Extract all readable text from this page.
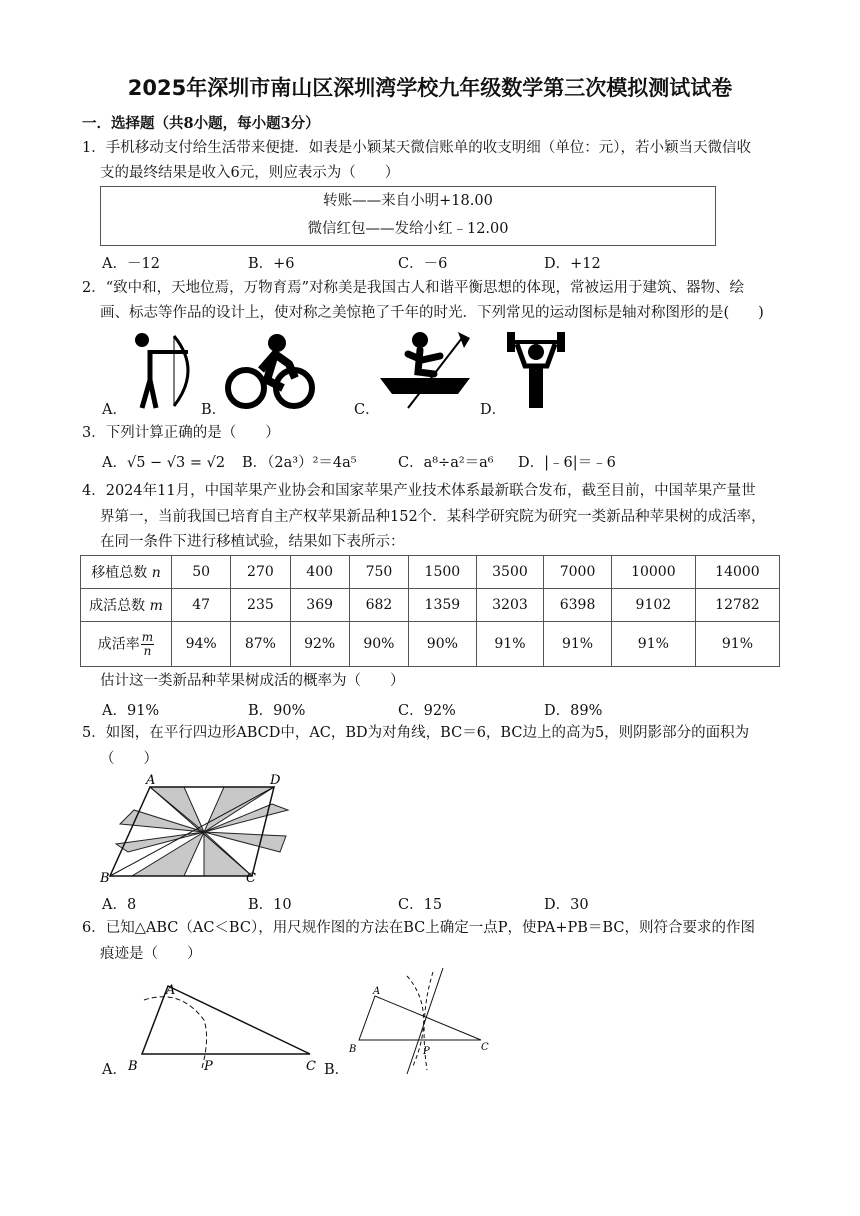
2025年深圳市南山区深圳湾学校九年级数学第三次模拟测试试卷
一．选择题（共8小题，每小题3分）
1．手机移动支付给生活带来便捷．如表是小颖某天微信账单的收支明细（单位：元），若小颖当天微信收
支的最终结果是收入6元，则应表示为（　　）
转账——来自小明+18.00
微信红包——发给小红﹣12.00
A．－12	B．+6	C．－6	D．+12
2．“致中和，天地位焉，万物育焉”对称美是我国古人和谐平衡思想的体现，常被运用于建筑、器物、绘
画、标志等作品的设计上，使对称之美惊艳了千年的时光．下列常见的运动图标是轴对称图形的是(　　)
A．	B．	C．	D．
3．下列计算正确的是（　　）
A．√5 − √3 = √2 B．（2a³）²＝4a⁵	C．a⁸÷a²＝a⁶ D．|﹣6|＝﹣6
4．2024年11月，中国苹果产业协会和国家苹果产业技术体系最新联合发布，截至目前，中国苹果产量世
界第一，当前我国已培育自主产权苹果新品种152个．某科学研究院为研究一类新品种苹果树的成活率，
在同一条件下进行移植试验，结果如下表所示：
移植总数 n	50	270	400	750	1500	3500	7000	10000	14000
成活总数 m	47	235	369	682	1359	3203	6398	9102	12782
成活率 $\frac{m}{n}$	94%	87%	92%	90%	90%	91%	91%	91%	91%
估计这一类新品种苹果树成活的概率为（　　）
A．91%	B．90%	C．92%	D．89%
5．如图，在平行四边形ABCD中，AC，BD为对角线，BC＝6，BC边上的高为5，则阴影部分的面积为
（　　）
A	D
B	C
A．8	B．10	C．15	D．30
6．已知△ABC（AC＜BC），用尺规作图的方法在BC上确定一点P，使PA+PB＝BC，则符合要求的作图
痕迹是（　　）
A
B	P	C
A．
A
B	P	C
B．
